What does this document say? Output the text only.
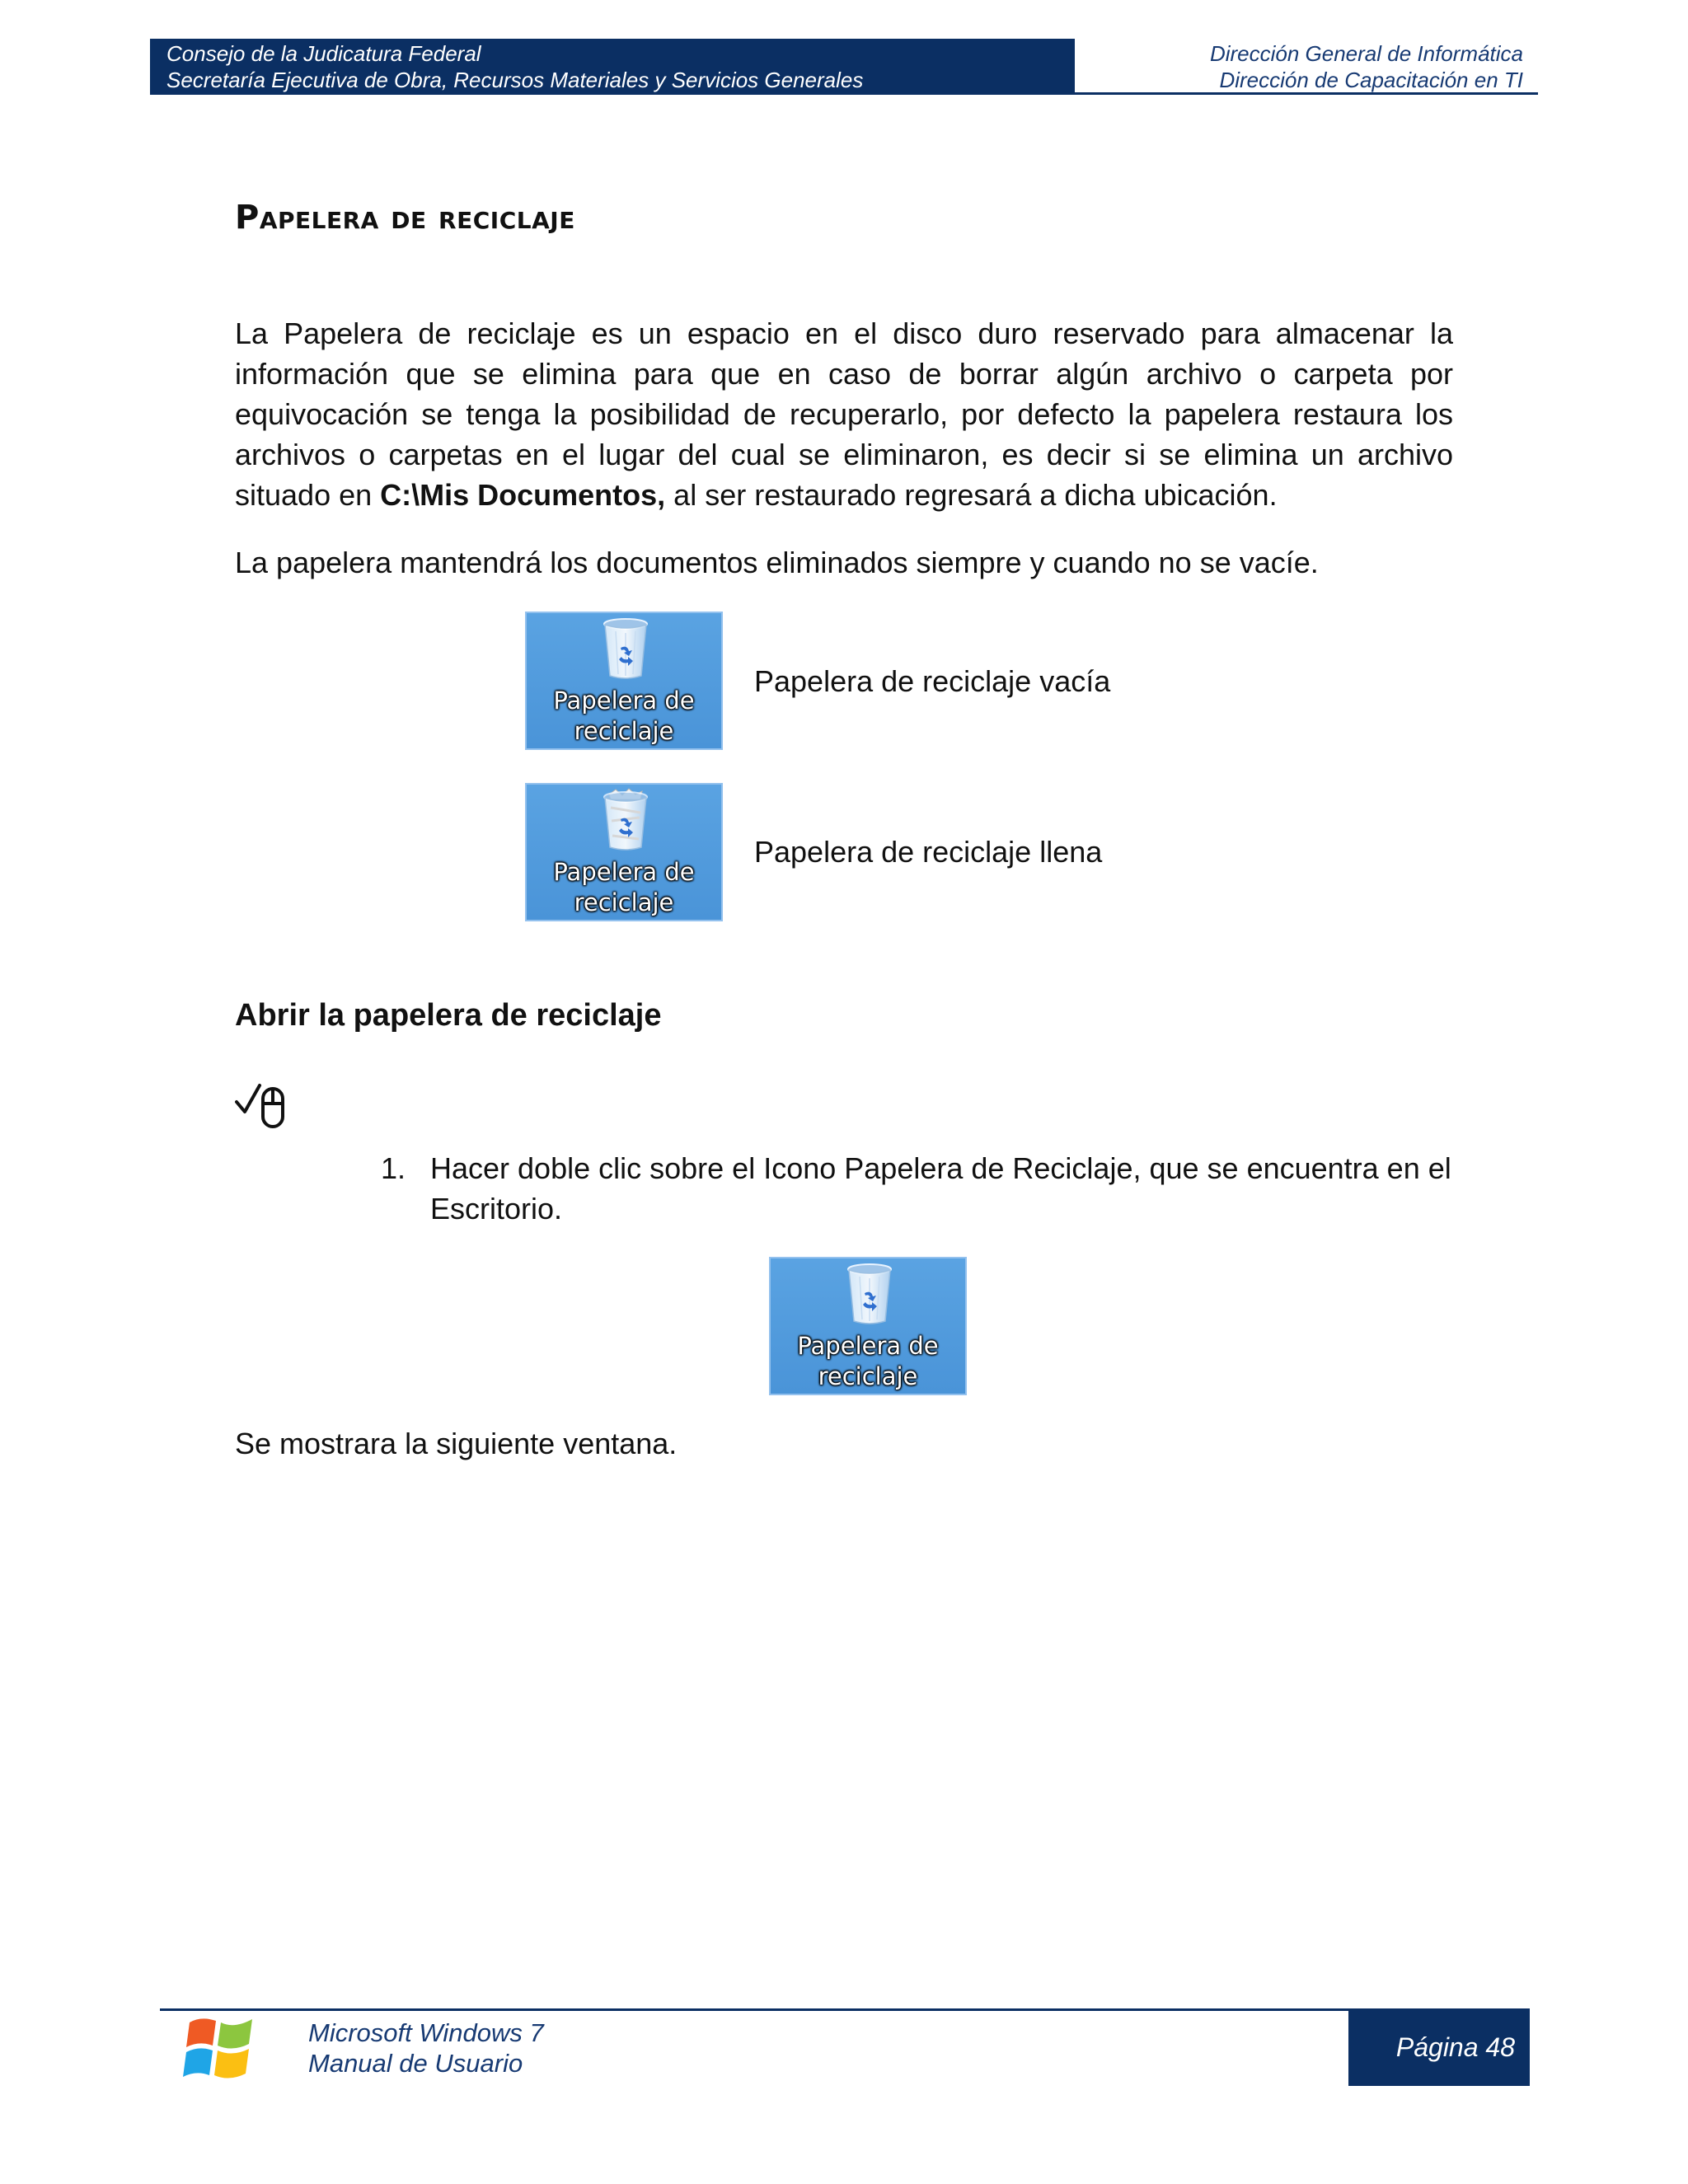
Consejo de la Judicatura Federal
Secretaría Ejecutiva de Obra, Recursos Materiales y Servicios Generales
Dirección General de Informática
Dirección de Capacitación en TI
Papelera de reciclaje
La Papelera de reciclaje es un espacio en el disco duro reservado para almacenar la información que se elimina para que en caso de borrar algún archivo o carpeta por equivocación se tenga la posibilidad de recuperarlo, por defecto la papelera restaura los archivos o carpetas en el lugar del cual se eliminaron, es decir si se elimina un archivo situado en C:\Mis Documentos, al ser restaurado regresará a dicha ubicación.
La papelera mantendrá los documentos eliminados siempre y cuando no se vacíe.
Papelera de
reciclaje
Papelera de reciclaje vacía
Papelera de
reciclaje
Papelera de reciclaje llena
Abrir la papelera de reciclaje
1. Hacer doble clic sobre el Icono Papelera de Reciclaje, que se encuentra en el Escritorio.
Papelera de
reciclaje
Se mostrara la siguiente ventana.
Microsoft Windows 7
Manual de Usuario
Página 48
